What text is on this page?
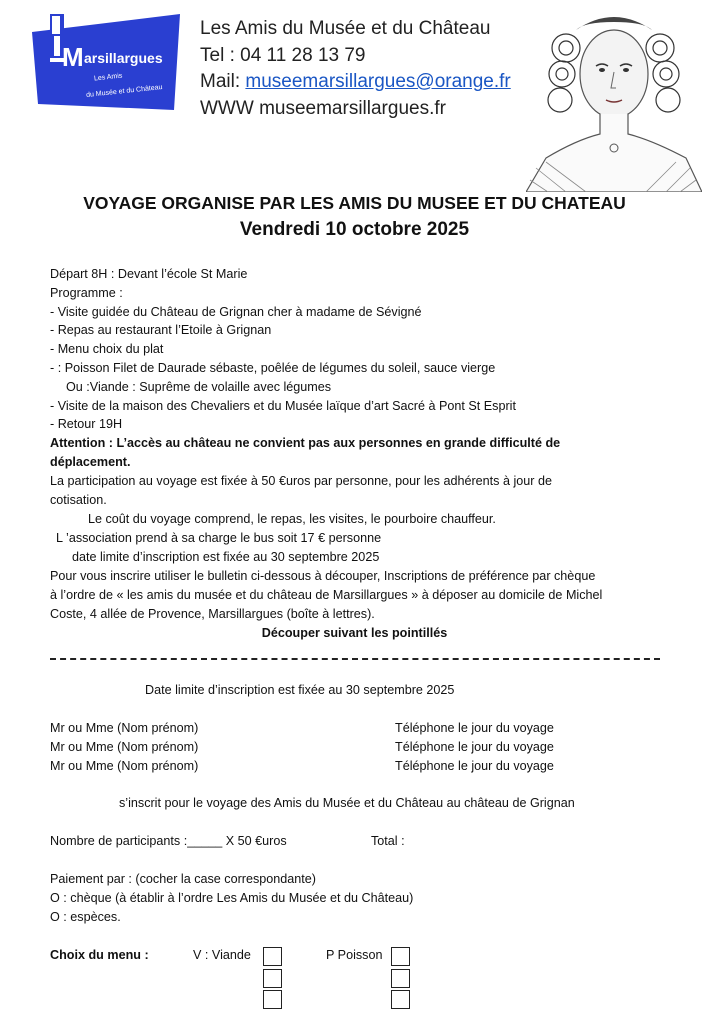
M arsillargues
Les Amis
du Musée et du Château
Les Amis du Musée et du Château
Tel : 04 11 28 13 79
Mail: museemarsillargues@orange.fr
WWW museemarsillargues.fr
VOYAGE ORGANISE PAR LES AMIS DU MUSEE ET DU CHATEAU
Vendredi 10 octobre 2025
Départ 8H : Devant l’école St Marie
Programme :
- Visite guidée du Château de Grignan cher à madame de Sévigné
- Repas au restaurant l’Etoile à Grignan
- Menu choix du plat
- : Poisson Filet de Daurade sébaste, poêlée de légumes du soleil, sauce vierge
Ou :Viande : Suprême de volaille avec légumes
- Visite de la maison des Chevaliers et du Musée laïque d’art Sacré à Pont St Esprit
- Retour 19H
Attention : L’accès au château ne convient pas aux personnes en grande difficulté de
déplacement.
La participation au voyage est fixée à 50 €uros par personne, pour les adhérents à jour de
cotisation.
Le coût du voyage comprend, le repas, les visites, le pourboire chauffeur.
L ’association prend à sa charge le bus soit 17 € personne
date limite d’inscription est fixée au 30 septembre 2025
Pour vous inscrire utiliser le bulletin ci-dessous à découper, Inscriptions de préférence par chèque
à l’ordre de « les amis du musée et du château de Marsillargues » à déposer au domicile de Michel
Coste, 4 allée de Provence, Marsillargues (boîte à lettres).
Découper suivant les pointillés
Date limite d’inscription est fixée au 30 septembre 2025
Mr ou Mme (Nom prénom)	Téléphone le jour du voyage
Mr ou Mme (Nom prénom)	Téléphone le jour du voyage
Mr ou Mme (Nom prénom)	Téléphone le jour du voyage
s’inscrit pour le voyage des Amis du Musée et du Château au château de Grignan
Nombre de participants :_____ X 50 €uros	Total :
Paiement par : (cocher la case correspondante)
O : chèque (à établir à l’ordre Les Amis du Musée et du Château)
O : espèces.
Choix du menu :	V : Viande	P Poisson
